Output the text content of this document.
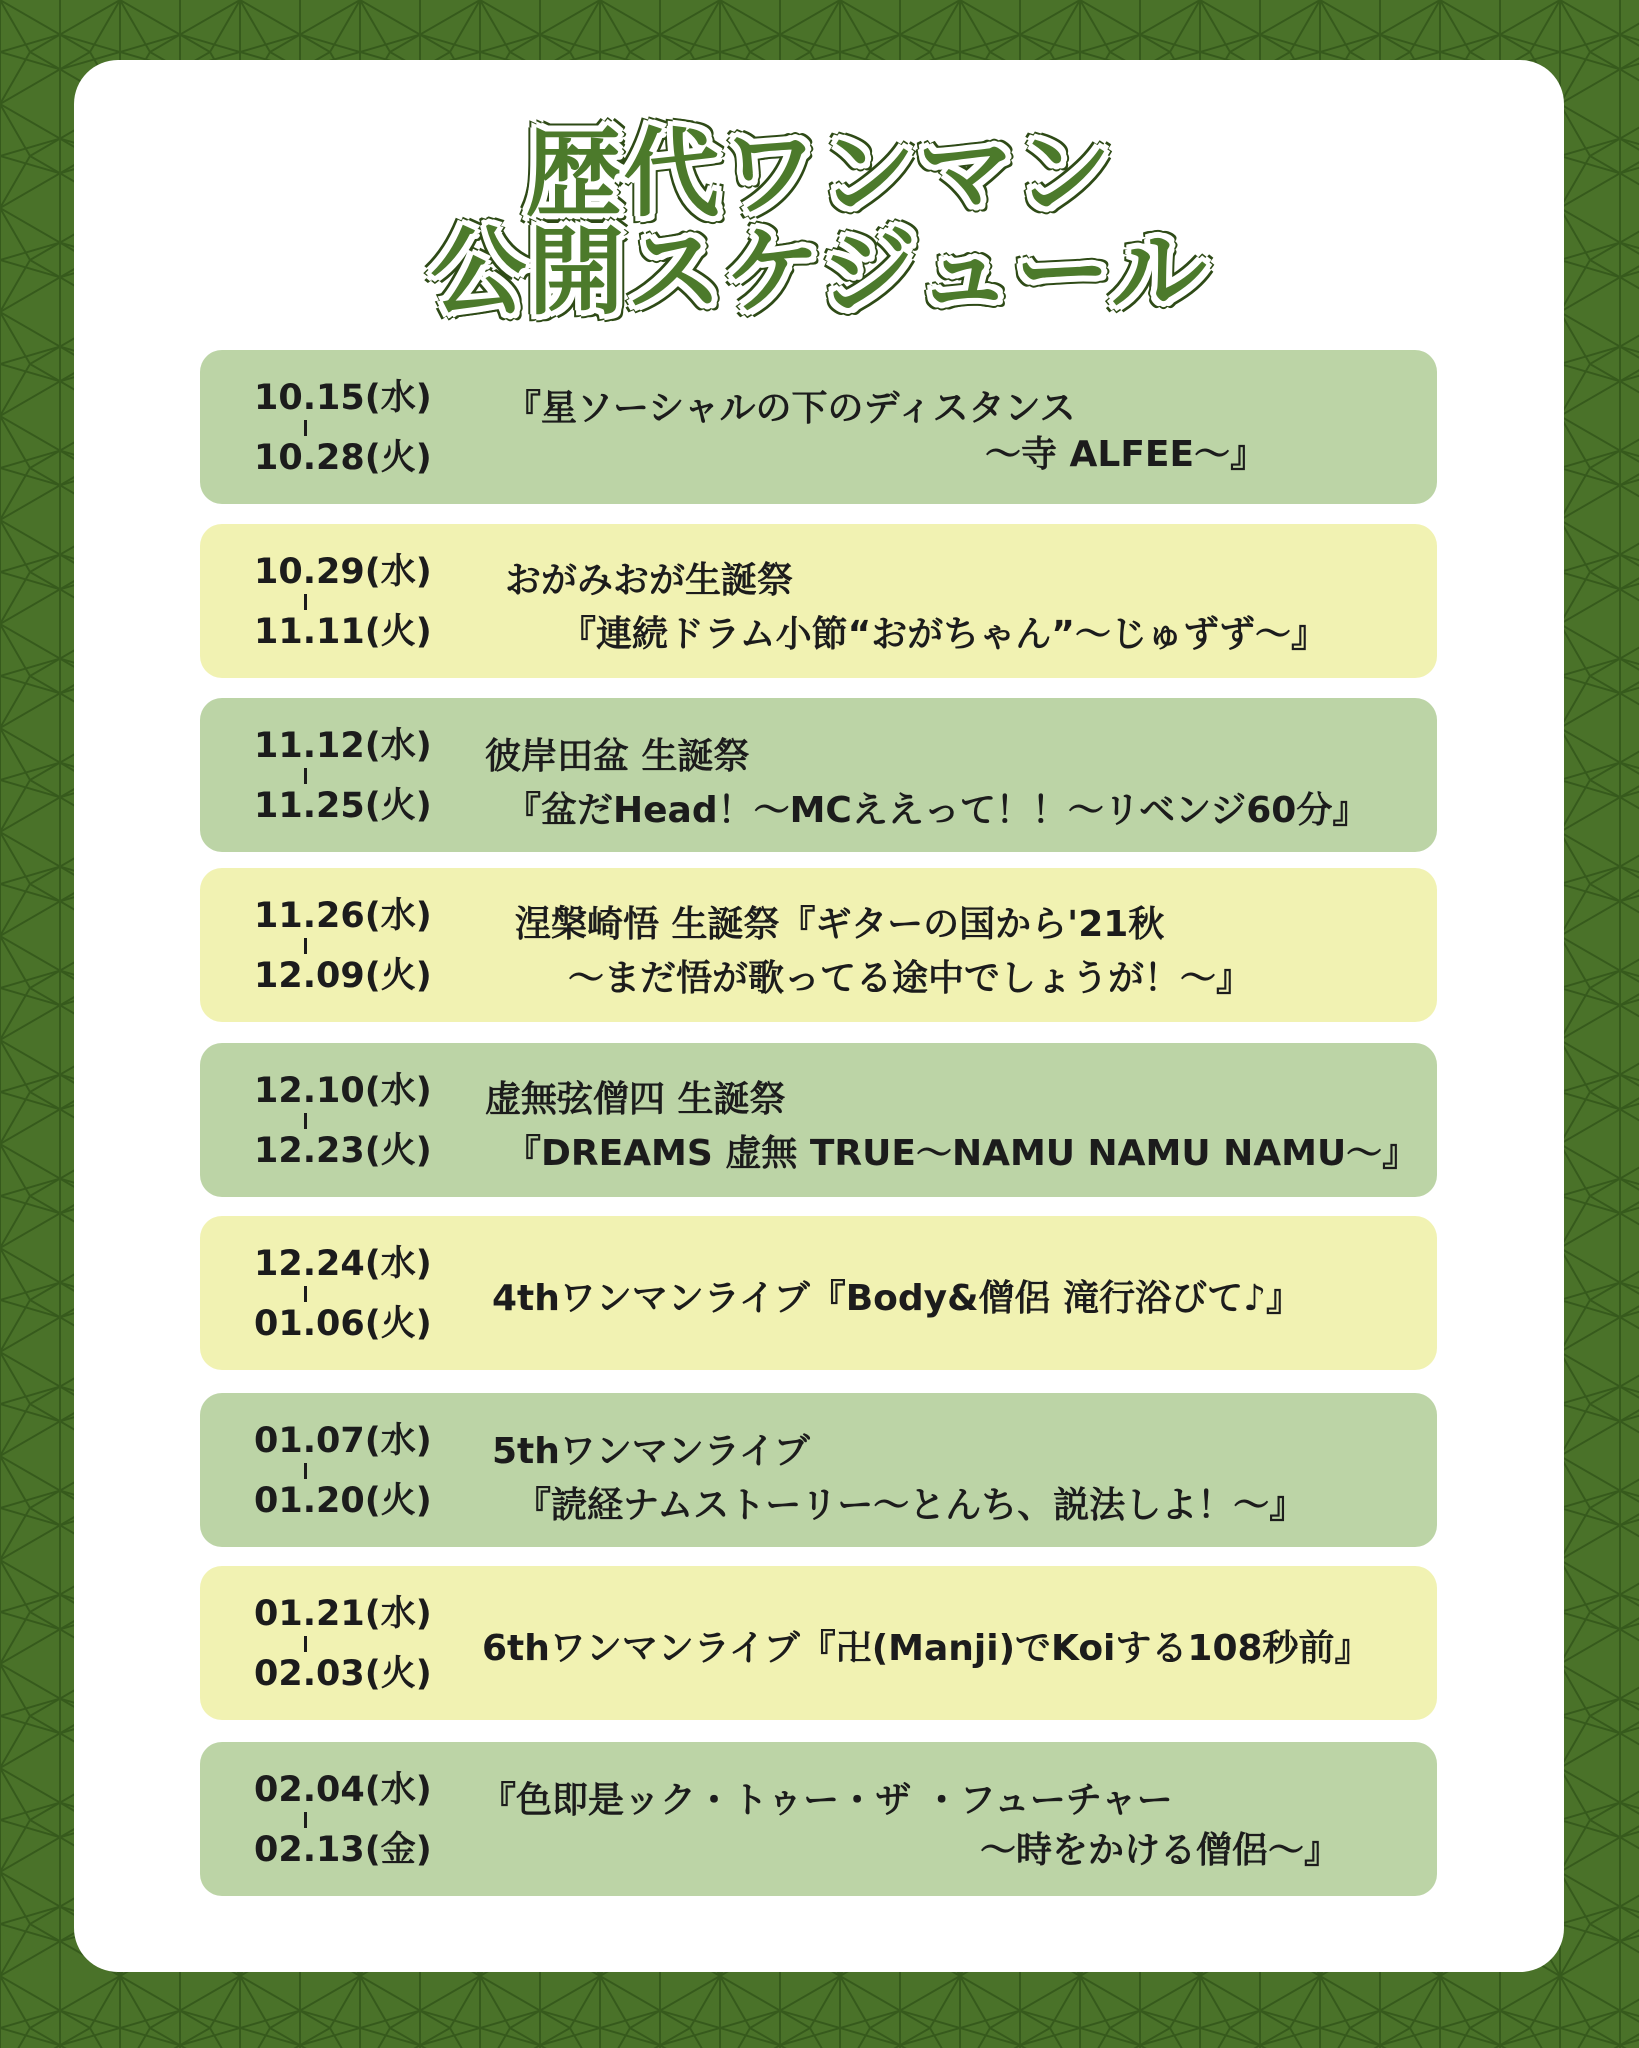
歴代ワンマン
公開スケジュール
10.15(水)
10.28(火)
『星ソーシャルの下のディスタンス
～寺 ALFEE～』
10.29(水)
11.11(火)
おがみおが生誕祭
『連続ドラム小節“おがちゃん”～じゅずず～』
11.12(水)
11.25(火)
彼岸田盆 生誕祭
『盆だHead！～MCええって！！～リベンジ60分』
11.26(水)
12.09(火)
涅槃崎悟 生誕祭『ギターの国から'21秋
～まだ悟が歌ってる途中でしょうが！～』
12.10(水)
12.23(火)
虚無弦僧四 生誕祭
『DREAMS 虚無 TRUE～NAMU NAMU NAMU～』
12.24(水)
01.06(火)
4thワンマンライブ『Body&僧侶 滝行浴びて♪』
01.07(水)
01.20(火)
5thワンマンライブ
『読経ナムストーリー～とんち、説法しよ！～』
01.21(水)
02.03(火)
6thワンマンライブ『卍(Manji)でKoiする108秒前』
02.04(水)
02.13(金)
『色即是ック・トゥー・ザ ・フューチャー
～時をかける僧侶～』
